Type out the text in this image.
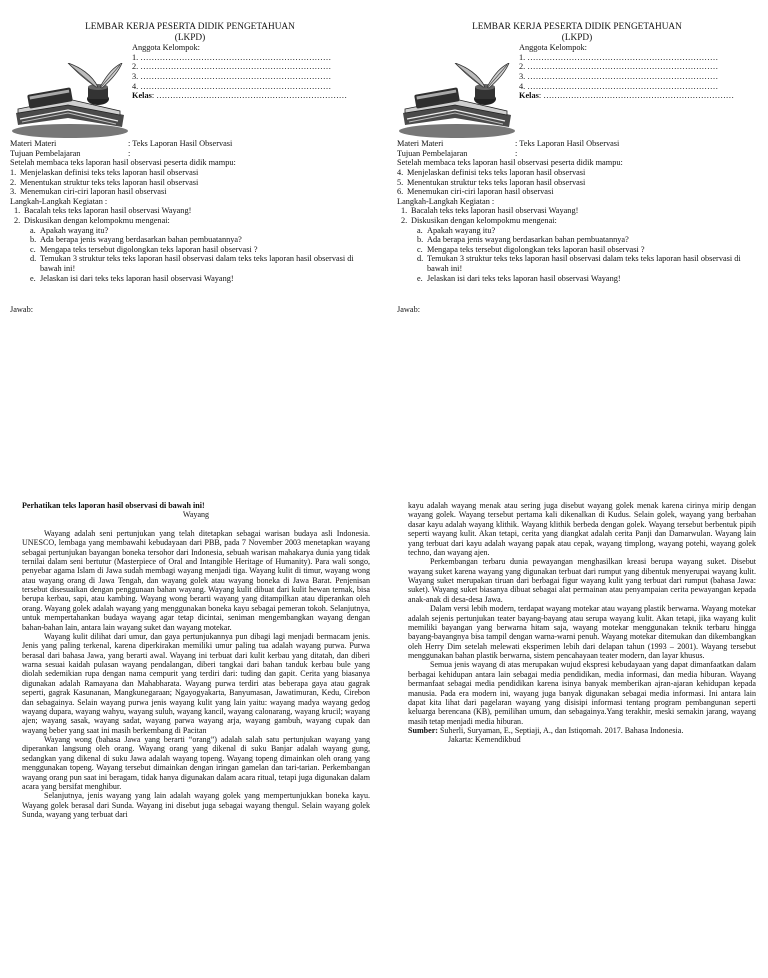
LEMBAR KERJA PESERTA DIDIK PENGETAHUAN
(LKPD)
Anggota Kelompok:
1. ……………………………………………………………
2. ……………………………………………………………
3. ……………………………………………………………
4. ……………………………………………………………
Kelas: ……………………………………………………………
Materi Materi	: Teks Laporan Hasil Observasi
Tujuan Pembelajaran	:
Setelah membaca teks laporan hasil observasi peserta didik mampu:
1. Menjelaskan definisi teks teks laporan hasil observasi
2. Menentukan struktur teks teks laporan hasil observasi
3. Menemukan ciri-ciri laporan hasil observasi
Langkah-Langkah Kegiatan :
1. Bacalah teks teks laporan hasil observasi Wayang!
2. Diskusikan dengan kelompokmu mengenai:
a. Apakah wayang itu?
b. Ada berapa jenis wayang berdasarkan bahan pembuatannya?
c. Mengapa teks tersebut digolongkan teks laporan hasil observasi ?
d. Temukan 3 struktur teks teks laporan hasil observasi dalam teks teks laporan hasil observasi di bawah ini!
e. Jelaskan isi dari teks teks laporan hasil observasi Wayang!
Jawab:
LEMBAR KERJA PESERTA DIDIK PENGETAHUAN
(LKPD)
Anggota Kelompok:
1. ……………………………………………………………
2. ……………………………………………………………
3. ……………………………………………………………
4. ……………………………………………………………
Kelas: ……………………………………………………………
Materi Materi	: Teks Laporan Hasil Observasi
Tujuan Pembelajaran	:
Setelah membaca teks laporan hasil observasi peserta didik mampu:
4. Menjelaskan definisi teks teks laporan hasil observasi
5. Menentukan struktur teks teks laporan hasil observasi
6. Menemukan ciri-ciri laporan hasil observasi
Langkah-Langkah Kegiatan :
1. Bacalah teks teks laporan hasil observasi Wayang!
2. Diskusikan dengan kelompokmu mengenai:
a. Apakah wayang itu?
b. Ada berapa jenis wayang berdasarkan bahan pembuatannya?
c. Mengapa teks tersebut digolongkan teks laporan hasil observasi ?
d. Temukan 3 struktur teks teks laporan hasil observasi dalam teks teks laporan hasil observasi di bawah ini!
e. Jelaskan isi dari teks teks laporan hasil observasi Wayang!
Jawab:

Perhatikan teks laporan hasil observasi di bawah ini!

Wayang

Wayang adalah seni pertunjukan yang telah ditetapkan sebagai warisan budaya asli Indonesia. UNESCO, lembaga yang membawahi kebudayaan dari PBB, pada 7 November 2003 menetapkan wayang sebagai pertunjukan bayangan boneka tersohor dari Indonesia, sebuah warisan mahakarya dunia yang tidak ternilai dalam seni bertutur (Masterpiece of Oral and Intangible Heritage of Humanity). Para wali songo, penyebar agama Islam di Jawa sudah membagi wayang menjadi tiga. Wayang kulit di timur, wayang wong atau wayang orang di Jawa Tengah, dan wayang golek atau wayang boneka di Jawa Barat. Penjenisan tersebut disesuaikan dengan penggunaan bahan wayang. Wayang kulit dibuat dari kulit hewan ternak, bisa berupa kerbau, sapi, atau kambing. Wayang wong berarti wayang yang ditampilkan atau diperankan oleh orang. Wayang golek adalah wayang yang menggunakan boneka kayu sebagai pemeran tokoh. Selanjutnya, untuk mempertahankan budaya wayang agar tetap dicintai, seniman mengembangkan wayang dengan bahan-bahan lain, antara lain wayang suket dan wayang motekar.

Wayang kulit dilihat dari umur, dan gaya pertunjukannya pun dibagi lagi menjadi bermacam jenis. Jenis yang paling terkenal, karena diperkirakan memiliki umur paling tua adalah wayang purwa. Purwa berasal dari bahasa Jawa, yang berarti awal. Wayang ini terbuat dari kulit kerbau yang ditatah, dan diberi warna sesuai kaidah pulasan wayang pendalangan, diberi tangkai dari bahan tanduk kerbau bule yang diolah sedemikian rupa dengan nama cempurit yang terdiri dari: tuding dan gapit. Cerita yang biasanya digunakan adalah Ramayana dan Mahabharata. Wayang purwa terdiri atas beberapa gaya atau gagrak seperti, gagrak Kasunanan, Mangkunegaraan; Ngayogyakarta, Banyumasan, Jawatimuran, Kedu, Cirebon dan sebagainya. Selain wayang purwa jenis wayang kulit yang lain yaitu: wayang madya wayang gedog wayang dupara, wayang wahyu, wayang suluh, wayang kancil, wayang calonarang, wayang krucil; wayang ajen; wayang sasak, wayang sadat, wayang parwa wayang arja, wayang gambuh, wayang cupak dan wayang beber yang saat ini masih berkembang di Pacitan

Wayang wong (bahasa Jawa yang berarti “orang”) adalah salah satu pertunjukan wayang yang diperankan langsung oleh orang. Wayang orang yang dikenal di suku Banjar adalah wayang gung, sedangkan yang dikenal di suku Jawa adalah wayang topeng. Wayang topeng dimainkan oleh orang yang menggunakan topeng. Wayang tersebut dimainkan dengan iringan gamelan dan tari-tarian. Perkembangan wayang orang pun saat ini beragam, tidak hanya digunakan dalam acara ritual, tetapi juga digunakan dalam acara yang bersifat menghibur.

Selanjutnya, jenis wayang yang lain adalah wayang golek yang mempertunjukkan boneka kayu. Wayang golek berasal dari Sunda. Wayang ini disebut juga sebagai wayang thengul. Selain wayang golek Sunda, wayang yang terbuat dari

kayu adalah wayang menak atau sering juga disebut wayang golek menak karena cirinya mirip dengan wayang golek. Wayang tersebut pertama kali dikenalkan di Kudus. Selain golek, wayang yang berbahan dasar kayu adalah wayang klithik. Wayang klithik berbeda dengan golek. Wayang tersebut berbentuk pipih seperti wayang kulit. Akan tetapi, cerita yang diangkat adalah cerita Panji dan Damarwulan. Wayang lain yang terbuat dari kayu adalah wayang papak atau cepak, wayang timplong, wayang potehi, wayang golek techno, dan wayang ajen.

Perkembangan terbaru dunia pewayangan menghasilkan kreasi berupa wayang suket. Disebut wayang suket karena wayang yang digunakan terbuat dari rumput yang dibentuk menyerupai wayang kulit. Wayang suket merupakan tiruan dari berbagai figur wayang kulit yang terbuat dari rumput (bahasa Jawa: suket). Wayang suket biasanya dibuat sebagai alat permainan atau penyampaian cerita pewayangan kepada anak-anak di desa-desa Jawa.

Dalam versi lebih modern, terdapat wayang motekar atau wayang plastik berwarna. Wayang motekar adalah sejenis pertunjukan teater bayang-bayang atau serupa wayang kulit. Akan tetapi, jika wayang kulit memiliki bayangan yang berwarna hitam saja, wayang motekar menggunakan teknik terbaru hingga bayang-bayangnya bisa tampil dengan warna-warni penuh. Wayang motekar ditemukan dan dikembangkan oleh Herry Dim setelah melewati eksperimen lebih dari delapan tahun (1993 – 2001). Wayang tersebut menggunakan bahan plastik berwarna, sistem pencahayaan teater modern, dan layar khusus.

Semua jenis wayang di atas merupakan wujud ekspresi kebudayaan yang dapat dimanfaatkan dalam berbagai kehidupan antara lain sebagai media pendidikan, media informasi, dan media hiburan. Wayang bermanfaat sebagai media pendidikan karena isinya banyak memberikan ajran-ajaran kehidupan kepada manusia. Pada era modern ini, wayang juga banyak digunakan sebagai media informasi. Ini antara lain dapat kita lihat dari pagelaran wayang yang disisipi informasi tentang program pembangunan seperti keluarga berencana (KB), pemilihan umum, dan sebagainya.Yang terakhir, meski semakin jarang, wayang masih tetap menjadi media hiburan.

Sumber: Suherli, Suryaman, E., Septiaji, A., dan Istiqomah. 2017. Bahasa Indonesia.

Jakarta: Kemendikbud
